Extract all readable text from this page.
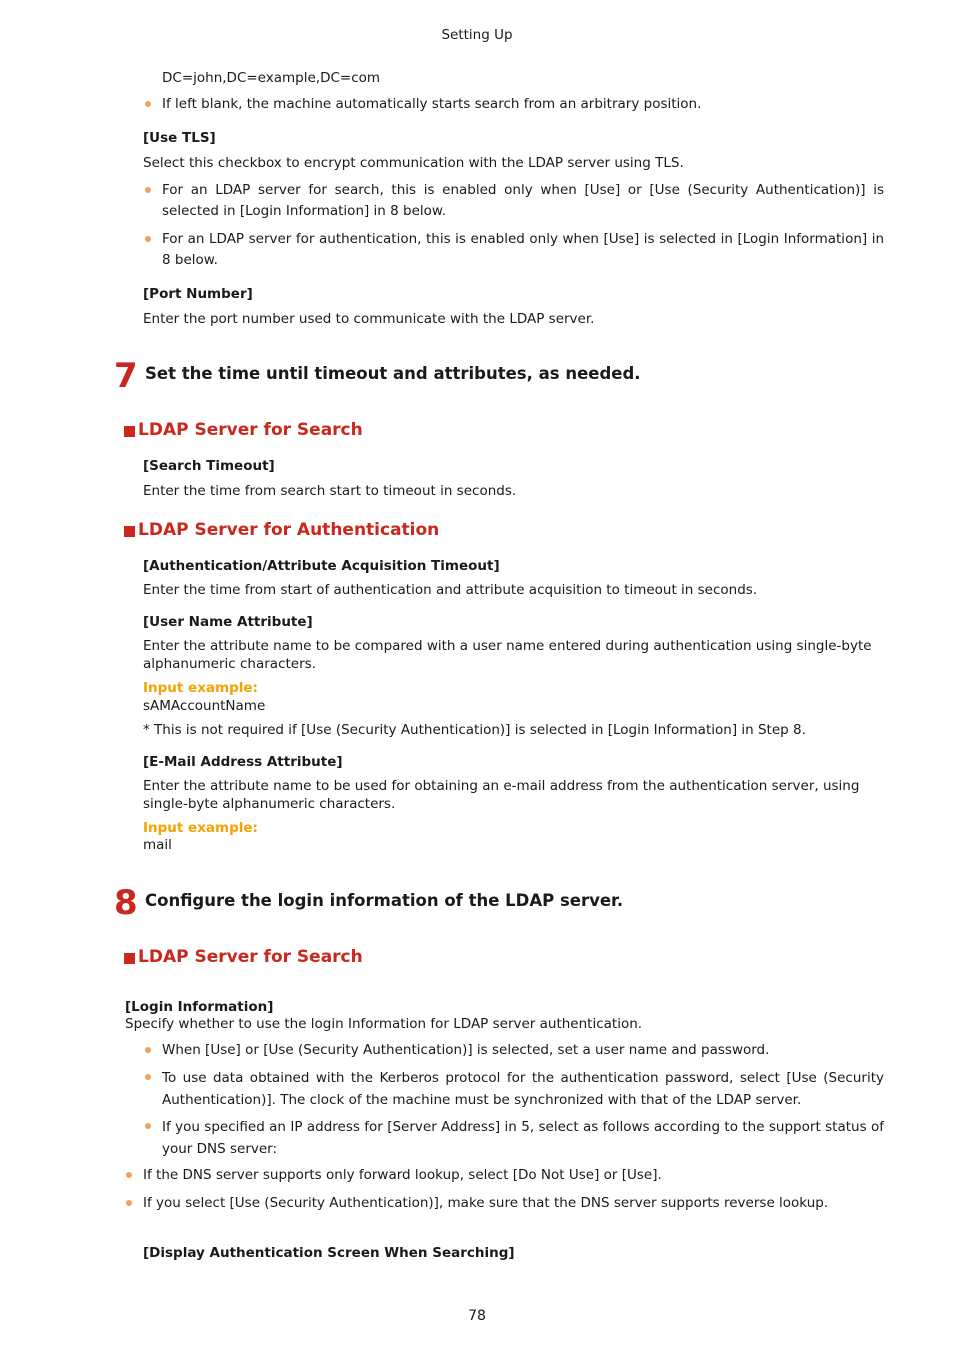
Setting Up
DC=john,DC=example,DC=com
If left blank, the machine automatically starts search from an arbitrary position.
[Use TLS]
Select this checkbox to encrypt communication with the LDAP server using TLS.
For an LDAP server for search, this is enabled only when [Use] or [Use (Security Authentication)] is selected in [Login Information] in 8 below.
For an LDAP server for authentication, this is enabled only when [Use] is selected in [Login Information] in 8 below.
[Port Number]
Enter the port number used to communicate with the LDAP server.
7 Set the time until timeout and attributes, as needed.
LDAP Server for Search
[Search Timeout]
Enter the time from search start to timeout in seconds.
LDAP Server for Authentication
[Authentication/Attribute Acquisition Timeout]
Enter the time from start of authentication and attribute acquisition to timeout in seconds.
[User Name Attribute]
Enter the attribute name to be compared with a user name entered during authentication using single-byte
alphanumeric characters.
Input example:
sAMAccountName
* This is not required if [Use (Security Authentication)] is selected in [Login Information] in Step 8.
[E-Mail Address Attribute]
Enter the attribute name to be used for obtaining an e-mail address from the authentication server, using
single-byte alphanumeric characters.
Input example:
mail
8 Configure the login information of the LDAP server.
LDAP Server for Search
[Login Information]
Specify whether to use the login Information for LDAP server authentication.
When [Use] or [Use (Security Authentication)] is selected, set a user name and password.
To use data obtained with the Kerberos protocol for the authentication password, select [Use (Security Authentication)]. The clock of the machine must be synchronized with that of the LDAP server.
If you specified an IP address for [Server Address] in 5, select as follows according to the support status of your DNS server:
If the DNS server supports only forward lookup, select [Do Not Use] or [Use].
If you select [Use (Security Authentication)], make sure that the DNS server supports reverse lookup.
[Display Authentication Screen When Searching]
78
